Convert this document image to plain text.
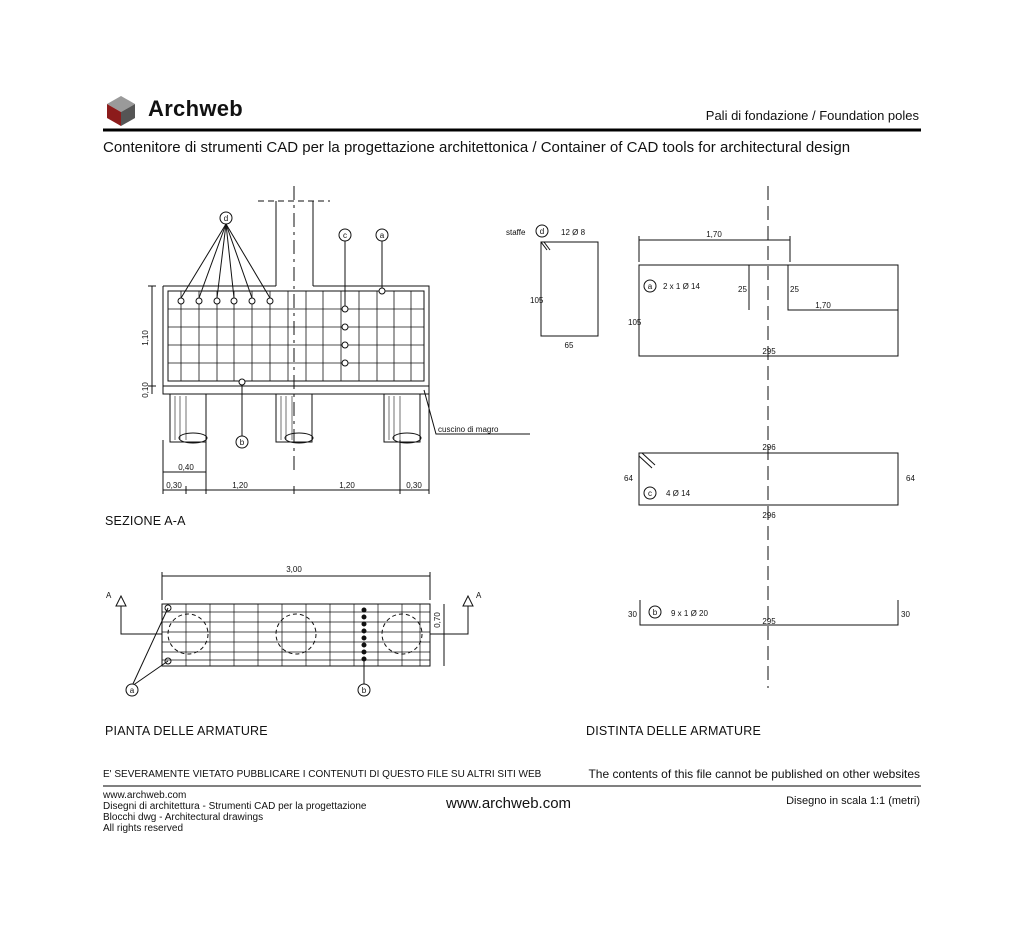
d
c	a
b
cuscino di magro
1,10
0,10
0,40
0,30	1,20	1,20	0,30
3,00
0,70
A	A
a	b
staffe d 12 Ø 8
105
65
1,70
a 2 x 1 Ø 14	25	25
1,70
105
295
296
64	64
c 4 Ø 14
296
30 b 9 x 1 Ø 20
295
30
Archweb	Pali di fondazione / Foundation poles
Contenitore di strumenti CAD per la progettazione architettonica / Container of CAD tools for architectural design
SEZIONE A-A
PIANTA DELLE ARMATURE	DISTINTA DELLE ARMATURE
E' SEVERAMENTE VIETATO PUBBLICARE I CONTENUTI DI QUESTO FILE SU ALTRI SITI WEB	The contents of this file cannot be published on other websites
www.archweb.com
Disegni di architettura - Strumenti CAD per la progettazione
Blocchi dwg - Architectural drawings
All rights reserved
www.archweb.com	Disegno in scala 1:1 (metri)
